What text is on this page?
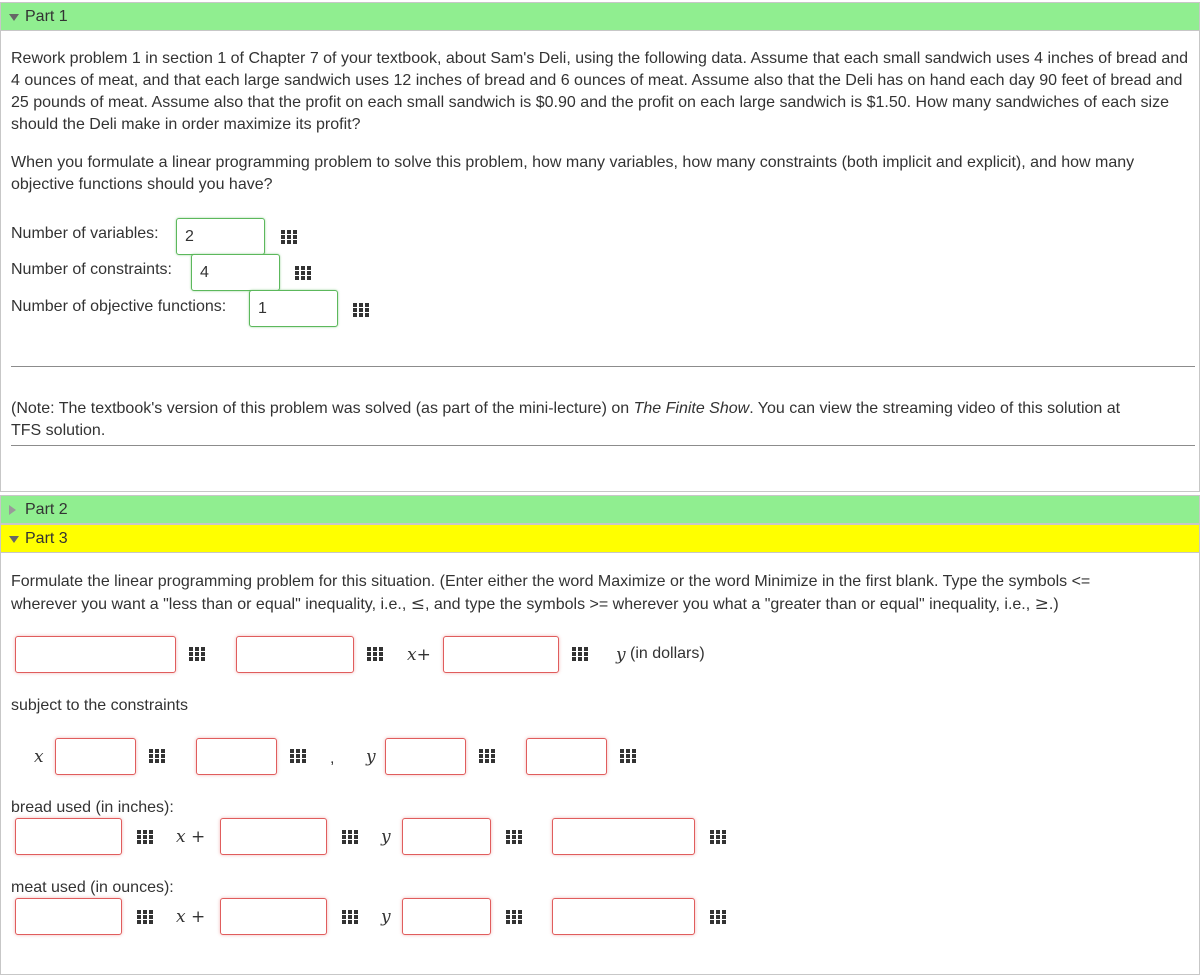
Part 1
Rework problem 1 in section 1 of Chapter 7 of your textbook, about Sam's Deli, using the following data. Assume that each small sandwich uses 4 inches of bread and 4 ounces of meat, and that each large sandwich uses 12 inches of bread and 6 ounces of meat. Assume also that the Deli has on hand each day 90 feet of bread and 25 pounds of meat. Assume also that the profit on each small sandwich is $0.90 and the profit on each large sandwich is $1.50. How many sandwiches of each size should the Deli make in order maximize its profit?
When you formulate a linear programming problem to solve this problem, how many variables, how many constraints (both implicit and explicit), and how many objective functions should you have?
Number of variables:	2
Number of constraints:	4
Number of objective functions:	1
(Note: The textbook's version of this problem was solved (as part of the mini-lecture) on The Finite Show. You can view the streaming video of this solution at
TFS solution.
Part 2
Part 3
Formulate the linear programming problem for this situation. (Enter either the word Maximize or the word Minimize in the first blank. Type the symbols <=
wherever you want a "less than or equal" inequality, i.e., ≤, and type the symbols >= wherever you what a "greater than or equal" inequality, i.e., ≥.)
x+	y (in dollars)
subject to the constraints
x	, y
bread used (in inches):
x +	y
meat used (in ounces):
x +	y
